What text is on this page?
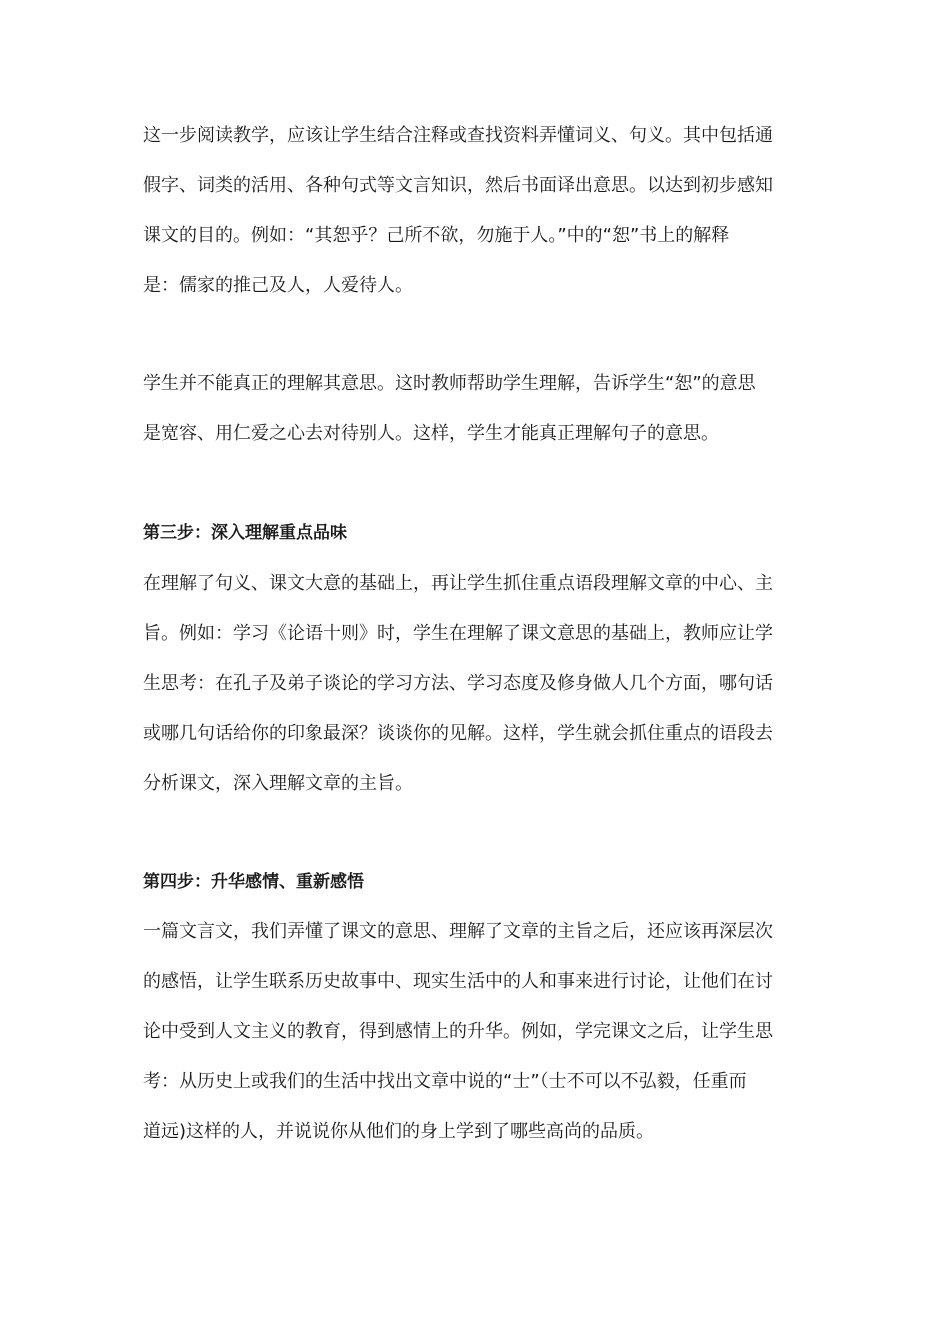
这一步阅读教学，应该让学生结合注释或查找资料弄懂词义、句义。其中包括通
假字、词类的活用、各种句式等文言知识，然后书面译出意思。以达到初步感知
课文的目的。例如：“其恕乎？己所不欲，勿施于人。”中的“恕”书上的解释
是：儒家的推己及人，人爱待人。
学生并不能真正的理解其意思。这时教师帮助学生理解，告诉学生“恕”的意思
是宽容、用仁爱之心去对待别人。这样，学生才能真正理解句子的意思。
第三步：深入理解重点品味
在理解了句义、课文大意的基础上，再让学生抓住重点语段理解文章的中心、主
旨。例如：学习《论语十则》时，学生在理解了课文意思的基础上，教师应让学
生思考：在孔子及弟子谈论的学习方法、学习态度及修身做人几个方面，哪句话
或哪几句话给你的印象最深？谈谈你的见解。这样，学生就会抓住重点的语段去
分析课文，深入理解文章的主旨。
第四步：升华感情、重新感悟
一篇文言文，我们弄懂了课文的意思、理解了文章的主旨之后，还应该再深层次
的感悟，让学生联系历史故事中、现实生活中的人和事来进行讨论，让他们在讨
论中受到人文主义的教育，得到感情上的升华。例如，学完课文之后，让学生思
考：从历史上或我们的生活中找出文章中说的“士”（士不可以不弘毅，任重而
道远)这样的人，并说说你从他们的身上学到了哪些高尚的品质。
